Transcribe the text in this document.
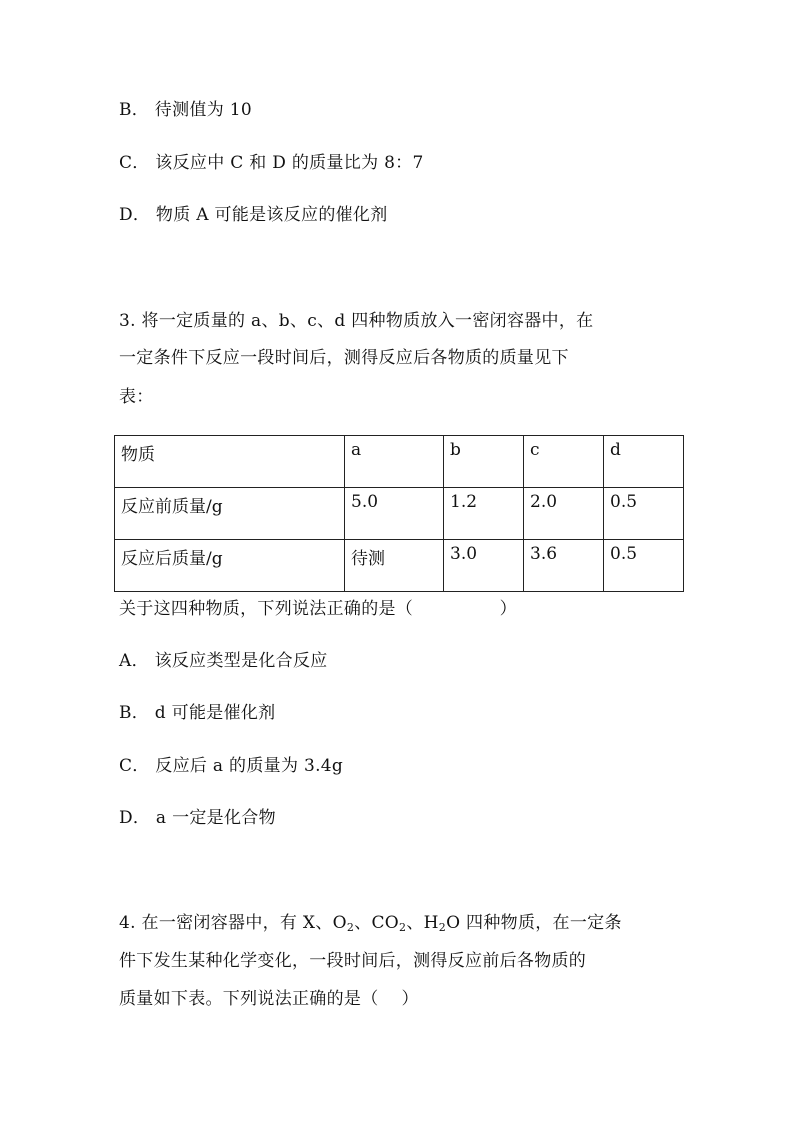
B． 待测值为 10
C． 该反应中 C 和 D 的质量比为 8：7
D． 物质 A 可能是该反应的催化剂
3. 将一定质量的 a、b、c、d 四种物质放入一密闭容器中，在
一定条件下反应一段时间后，测得反应后各物质的质量见下
表：
物质	a	b	c	d
反应前质量/g	5.0	1.2	2.0	0.5
反应后质量/g	待测	3.0	3.6	0.5
关于这四种物质，下列说法正确的是（　　　　　）
A． 该反应类型是化合反应
B． d 可能是催化剂
C． 反应后 a 的质量为 3.4g
D． a 一定是化合物
4. 在一密闭容器中，有 X、$O_2$、$CO_2$、$H_2O$ 四种物质，在一定条
件下发生某种化学变化，一段时间后，测得反应前后各物质的
质量如下表。下列说法正确的是（　 ）
